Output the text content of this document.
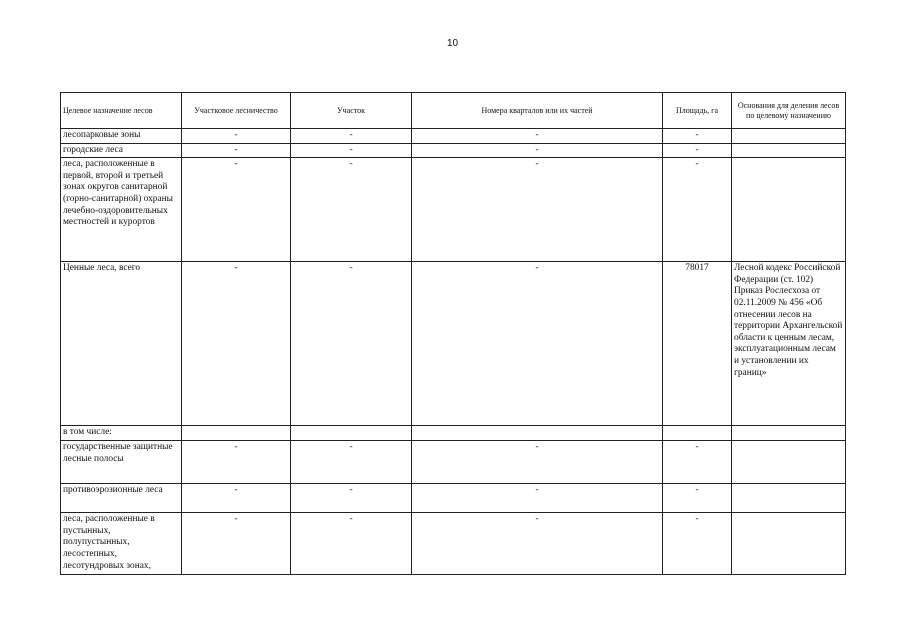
10
Целевое назначение лесов	Участковое лесничество	Участок	Номера кварталов или их частей	Площадь, га	Основания для деления лесов по целевому назначению
лесопарковые зоны	-	-	-	-	
городские леса	-	-	-	-	
леса, расположенные в первой, второй и третьей зонах округов санитарной (горно-санитарной) охраны лечебно-оздоровительных местностей и курортов	-	-	-	-	
Ценные леса, всего	-	-	-	78017	Лесной кодекс Российской Федерации (ст. 102) Приказ Рослесхоза от 02.11.2009 № 456 «Об отнесении лесов на территории Архангельской области к ценным лесам, эксплуатационным лесам и установлении их границ»
в том числе:					
государственные защитные лесные полосы	-	-	-	-	
противоэрозионные леса	-	-	-	-	
леса, расположенные в пустынных, полупустынных, лесостепных, лесотундровых зонах,	-	-	-	-	
